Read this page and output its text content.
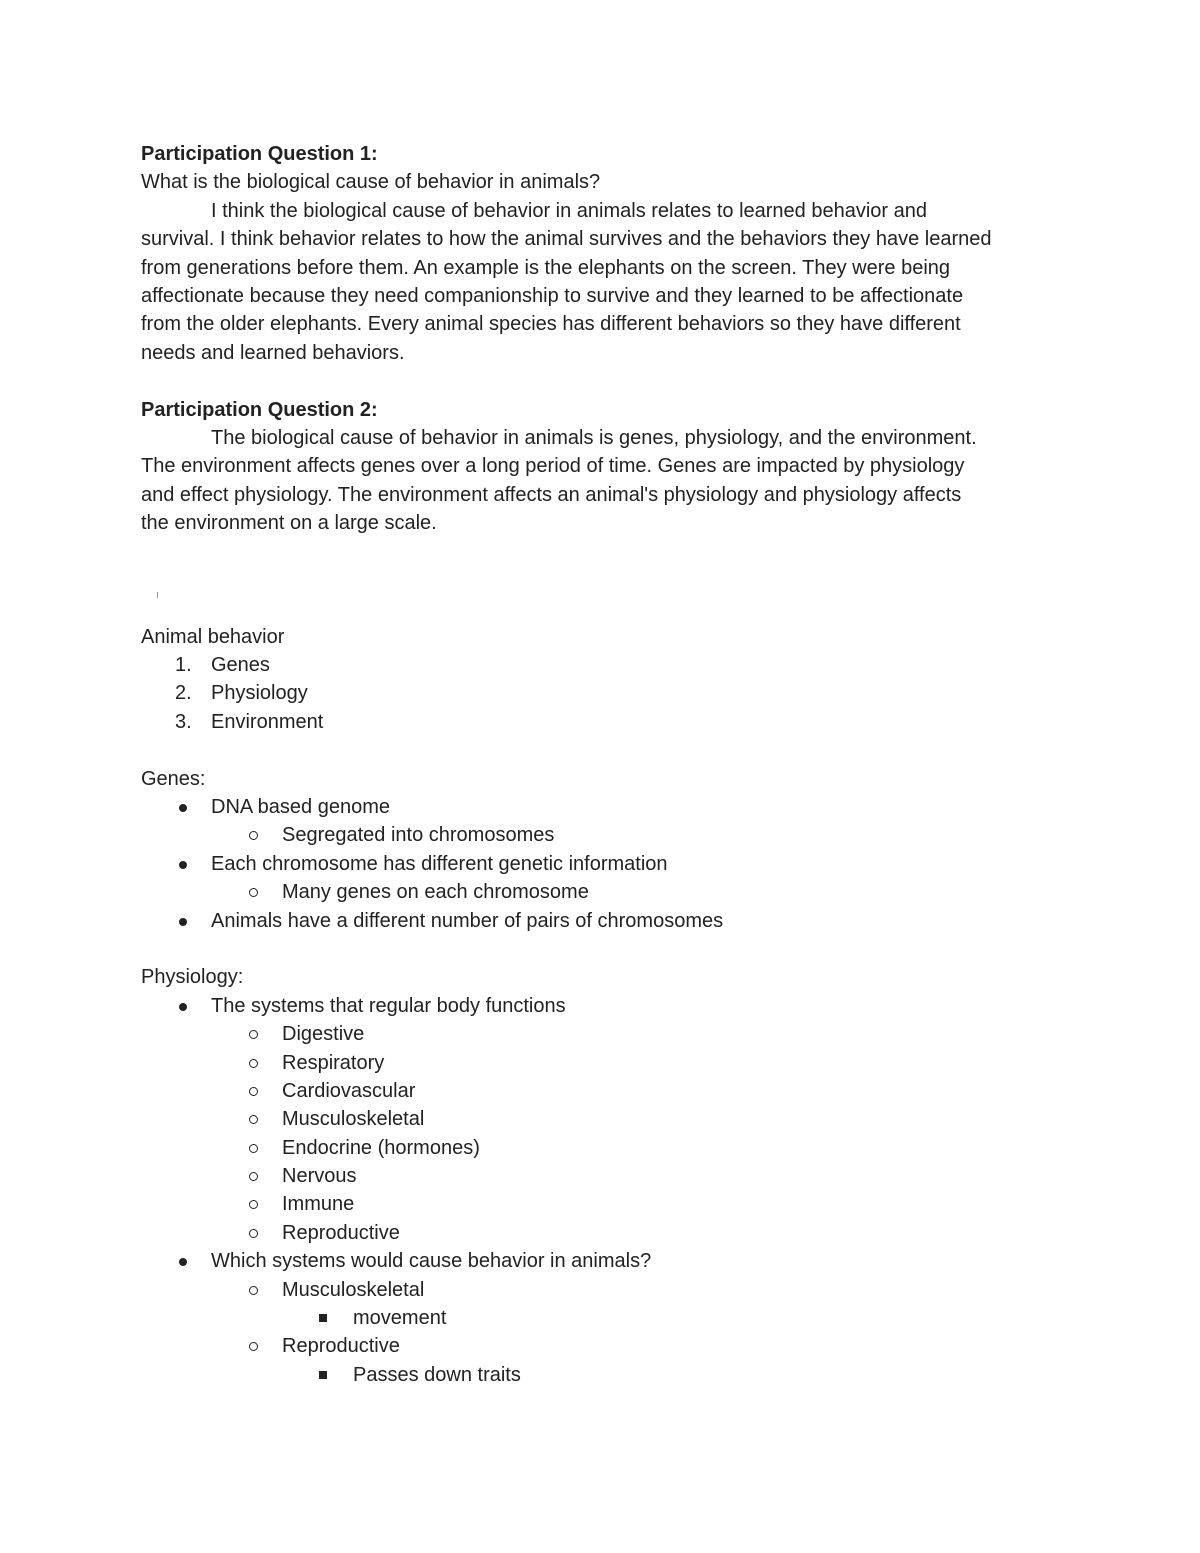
Participation Question 1:
What is the biological cause of behavior in animals?
I think the biological cause of behavior in animals relates to learned behavior and
survival. I think behavior relates to how the animal survives and the behaviors they have learned
from generations before them. An example is the elephants on the screen. They were being
affectionate because they need companionship to survive and they learned to be affectionate
from the older elephants. Every animal species has different behaviors so they have different
needs and learned behaviors.
Participation Question 2:
The biological cause of behavior in animals is genes, physiology, and the environment.
The environment affects genes over a long period of time. Genes are impacted by physiology
and effect physiology. The environment affects an animal's physiology and physiology affects
the environment on a large scale.
Animal behavior
1. Genes
2. Physiology
3. Environment
Genes:
DNA based genome
Segregated into chromosomes
Each chromosome has different genetic information
Many genes on each chromosome
Animals have a different number of pairs of chromosomes
Physiology:
The systems that regular body functions
Digestive
Respiratory
Cardiovascular
Musculoskeletal
Endocrine (hormones)
Nervous
Immune
Reproductive
Which systems would cause behavior in animals?
Musculoskeletal
movement
Reproductive
Passes down traits
